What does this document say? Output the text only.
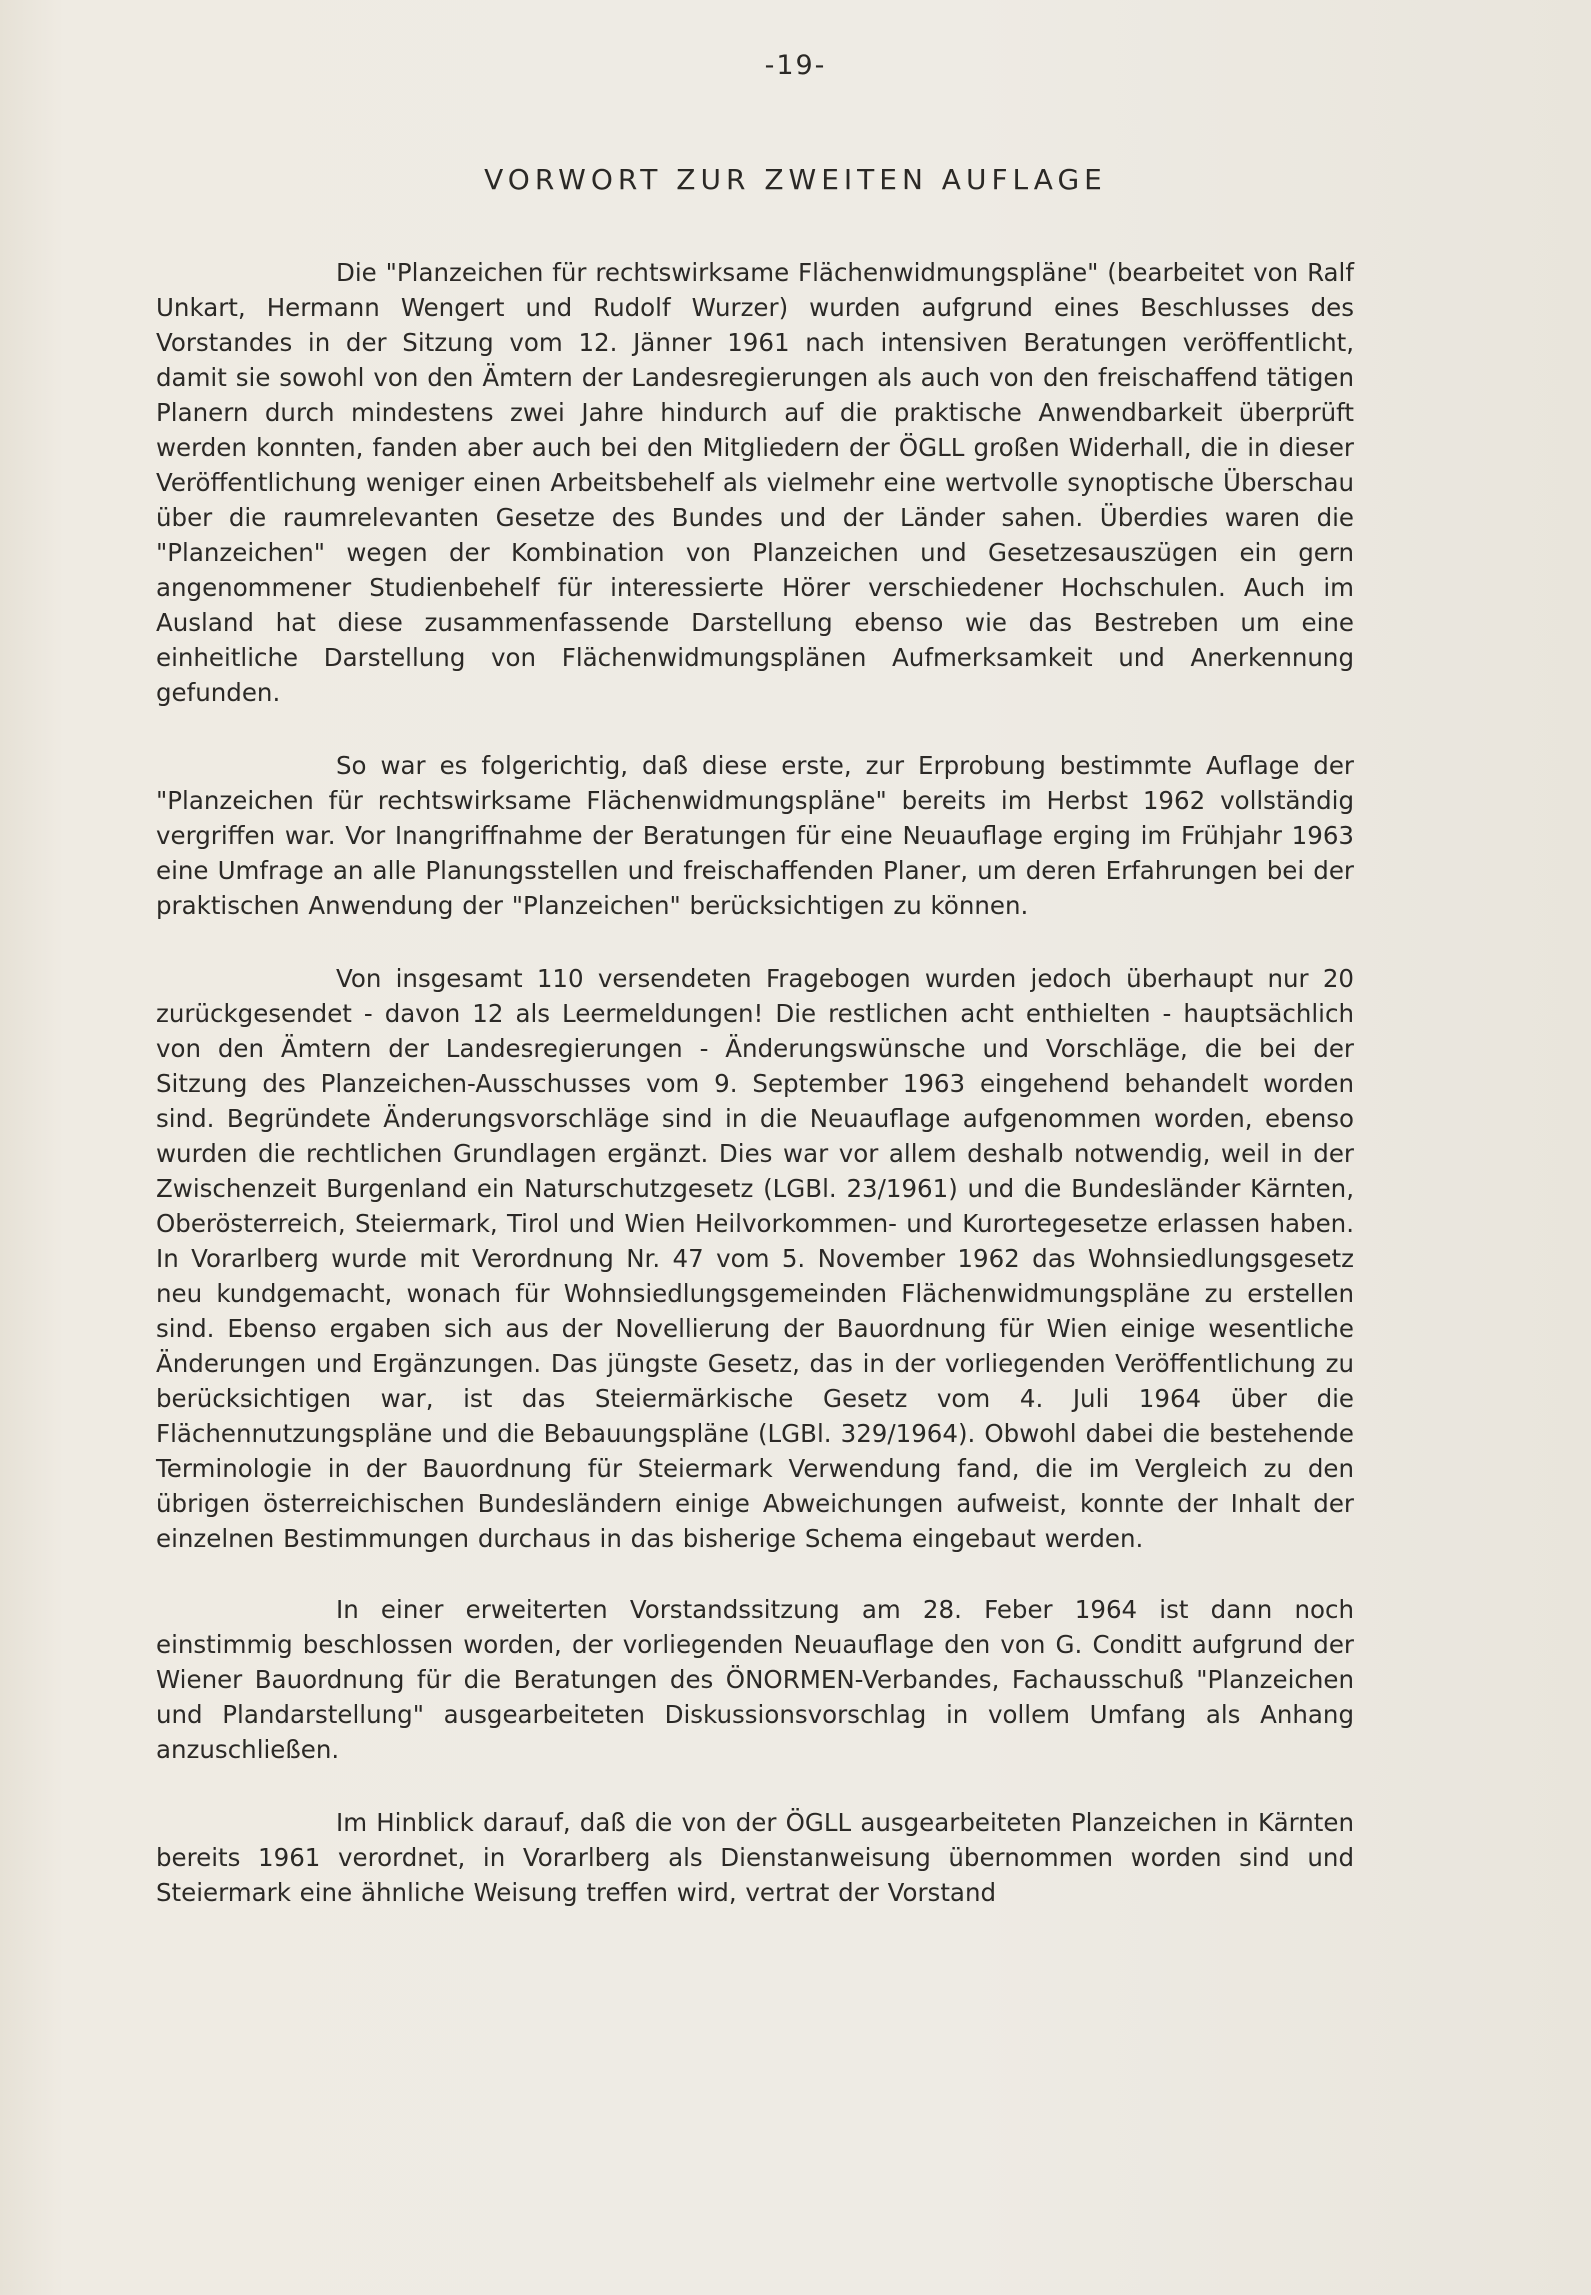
-19-
VORWORT ZUR ZWEITEN AUFLAGE

Die "Planzeichen für rechtswirksame Flächenwidmungspläne" (bearbeitet von Ralf Unkart, Hermann Wengert und Rudolf Wurzer) wurden aufgrund eines Beschlusses des Vorstandes in der Sitzung vom 12. Jänner 1961 nach intensiven Beratungen veröffentlicht, damit sie sowohl von den Ämtern der Landesregierungen als auch von den freischaffend tätigen Planern durch mindestens zwei Jahre hindurch auf die praktische Anwendbarkeit überprüft werden konnten, fanden aber auch bei den Mitgliedern der ÖGLL großen Widerhall, die in dieser Veröffentlichung weniger einen Arbeitsbehelf als vielmehr eine wertvolle synoptische Überschau über die raumrelevanten Gesetze des Bundes und der Länder sahen. Überdies waren die "Planzeichen" wegen der Kombination von Planzeichen und Gesetzesauszügen ein gern angenommener Studienbehelf für interessierte Hörer verschiedener Hochschulen. Auch im Ausland hat diese zusammenfassende Darstellung ebenso wie das Bestreben um eine einheitliche Darstellung von Flächenwidmungsplänen Aufmerksamkeit und Anerkennung gefunden.

So war es folgerichtig, daß diese erste, zur Erprobung bestimmte Auflage der "Planzeichen für rechtswirksame Flächenwidmungspläne" bereits im Herbst 1962 vollständig vergriffen war. Vor Inangriffnahme der Beratungen für eine Neuauflage erging im Frühjahr 1963 eine Umfrage an alle Planungsstellen und freischaffenden Planer, um deren Erfahrungen bei der praktischen Anwendung der "Planzeichen" berücksichtigen zu können.

Von insgesamt 110 versendeten Fragebogen wurden jedoch überhaupt nur 20 zurückgesendet - davon 12 als Leermeldungen! Die restlichen acht enthielten - hauptsächlich von den Ämtern der Landesregierungen - Änderungswünsche und Vorschläge, die bei der Sitzung des Planzeichen-Ausschusses vom 9. September 1963 eingehend behandelt worden sind. Begründete Änderungsvorschläge sind in die Neuauflage aufgenommen worden, ebenso wurden die rechtlichen Grundlagen ergänzt. Dies war vor allem deshalb notwendig, weil in der Zwischenzeit Burgenland ein Naturschutzgesetz (LGBl. 23/1961) und die Bundesländer Kärnten, Oberösterreich, Steiermark, Tirol und Wien Heilvorkommen- und Kurortegesetze erlassen haben. In Vorarlberg wurde mit Verordnung Nr. 47 vom 5. November 1962 das Wohnsiedlungsgesetz neu kundgemacht, wonach für Wohnsiedlungsgemeinden Flächenwidmungspläne zu erstellen sind. Ebenso ergaben sich aus der Novellierung der Bauordnung für Wien einige wesentliche Änderungen und Ergänzungen. Das jüngste Gesetz, das in der vorliegenden Veröffentlichung zu berücksichtigen war, ist das Steiermärkische Gesetz vom 4. Juli 1964 über die Flächennutzungspläne und die Bebauungspläne (LGBl. 329/1964). Obwohl dabei die bestehende Terminologie in der Bauordnung für Steiermark Verwendung fand, die im Vergleich zu den übrigen österreichischen Bundesländern einige Abweichungen aufweist, konnte der Inhalt der einzelnen Bestimmungen durchaus in das bisherige Schema eingebaut werden.

In einer erweiterten Vorstandssitzung am 28. Feber 1964 ist dann noch einstimmig beschlossen worden, der vorliegenden Neuauflage den von G. Conditt aufgrund der Wiener Bauordnung für die Beratungen des ÖNORMEN-Verbandes, Fachausschuß "Planzeichen und Plandarstellung" ausgearbeiteten Diskussionsvorschlag in vollem Umfang als Anhang anzuschließen.

Im Hinblick darauf, daß die von der ÖGLL ausgearbeiteten Planzeichen in Kärnten bereits 1961 verordnet, in Vorarlberg als Dienstanweisung übernommen worden sind und Steiermark eine ähnliche Weisung treffen wird, vertrat der Vorstand
